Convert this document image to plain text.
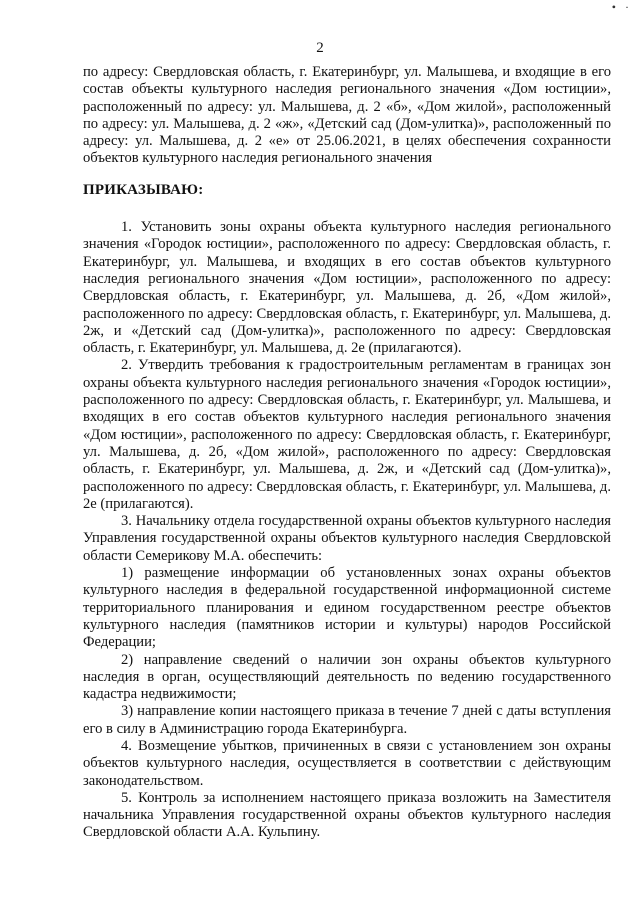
• ·
2

по адресу: Свердловская область, г. Екатеринбург, ул. Малышева, и входящие в его состав объекты культурного наследия регионального значения «Дом юстиции», расположенный по адресу: ул. Малышева, д. 2 «б», «Дом жилой», расположенный по адресу: ул. Малышева, д. 2 «ж», «Детский сад (Дом-улитка)», расположенный по адресу: ул. Малышева, д. 2 «е» от 25.06.2021, в целях обеспечения сохранности объектов культурного наследия регионального значения

ПРИКАЗЫВАЮ:

1. Установить зоны охраны объекта культурного наследия регионального значения «Городок юстиции», расположенного по адресу: Свердловская область, г. Екатеринбург, ул. Малышева, и входящих в его состав объектов культурного наследия регионального значения «Дом юстиции», расположенного по адресу: Свердловская область, г. Екатеринбург, ул. Малышева, д. 2б, «Дом жилой», расположенного по адресу: Свердловская область, г. Екатеринбург, ул. Малышева, д. 2ж, и «Детский сад (Дом-улитка)», расположенного по адресу: Свердловская область, г. Екатеринбург, ул. Малышева, д. 2е (прилагаются).

2. Утвердить требования к градостроительным регламентам в границах зон охраны объекта культурного наследия регионального значения «Городок юстиции», расположенного по адресу: Свердловская область, г. Екатеринбург, ул. Малышева, и входящих в его состав объектов культурного наследия регионального значения «Дом юстиции», расположенного по адресу: Свердловская область, г. Екатеринбург, ул. Малышева, д. 2б, «Дом жилой», расположенного по адресу: Свердловская область, г. Екатеринбург, ул. Малышева, д. 2ж, и «Детский сад (Дом-улитка)», расположенного по адресу: Свердловская область, г. Екатеринбург, ул. Малышева, д. 2е (прилагаются).

3. Начальнику отдела государственной охраны объектов культурного наследия Управления государственной охраны объектов культурного наследия Свердловской области Семерикову М.А. обеспечить:

1) размещение информации об установленных зонах охраны объектов культурного наследия в федеральной государственной информационной системе территориального планирования и едином государственном реестре объектов культурного наследия (памятников истории и культуры) народов Российской Федерации;

2) направление сведений о наличии зон охраны объектов культурного наследия в орган, осуществляющий деятельность по ведению государственного кадастра недвижимости;

3) направление копии настоящего приказа в течение 7 дней с даты вступления его в силу в Администрацию города Екатеринбурга.

4. Возмещение убытков, причиненных в связи с установлением зон охраны объектов культурного наследия, осуществляется в соответствии с действующим законодательством.

5. Контроль за исполнением настоящего приказа возложить на Заместителя начальника Управления государственной охраны объектов культурного наследия Свердловской области А.А. Кульпину.
